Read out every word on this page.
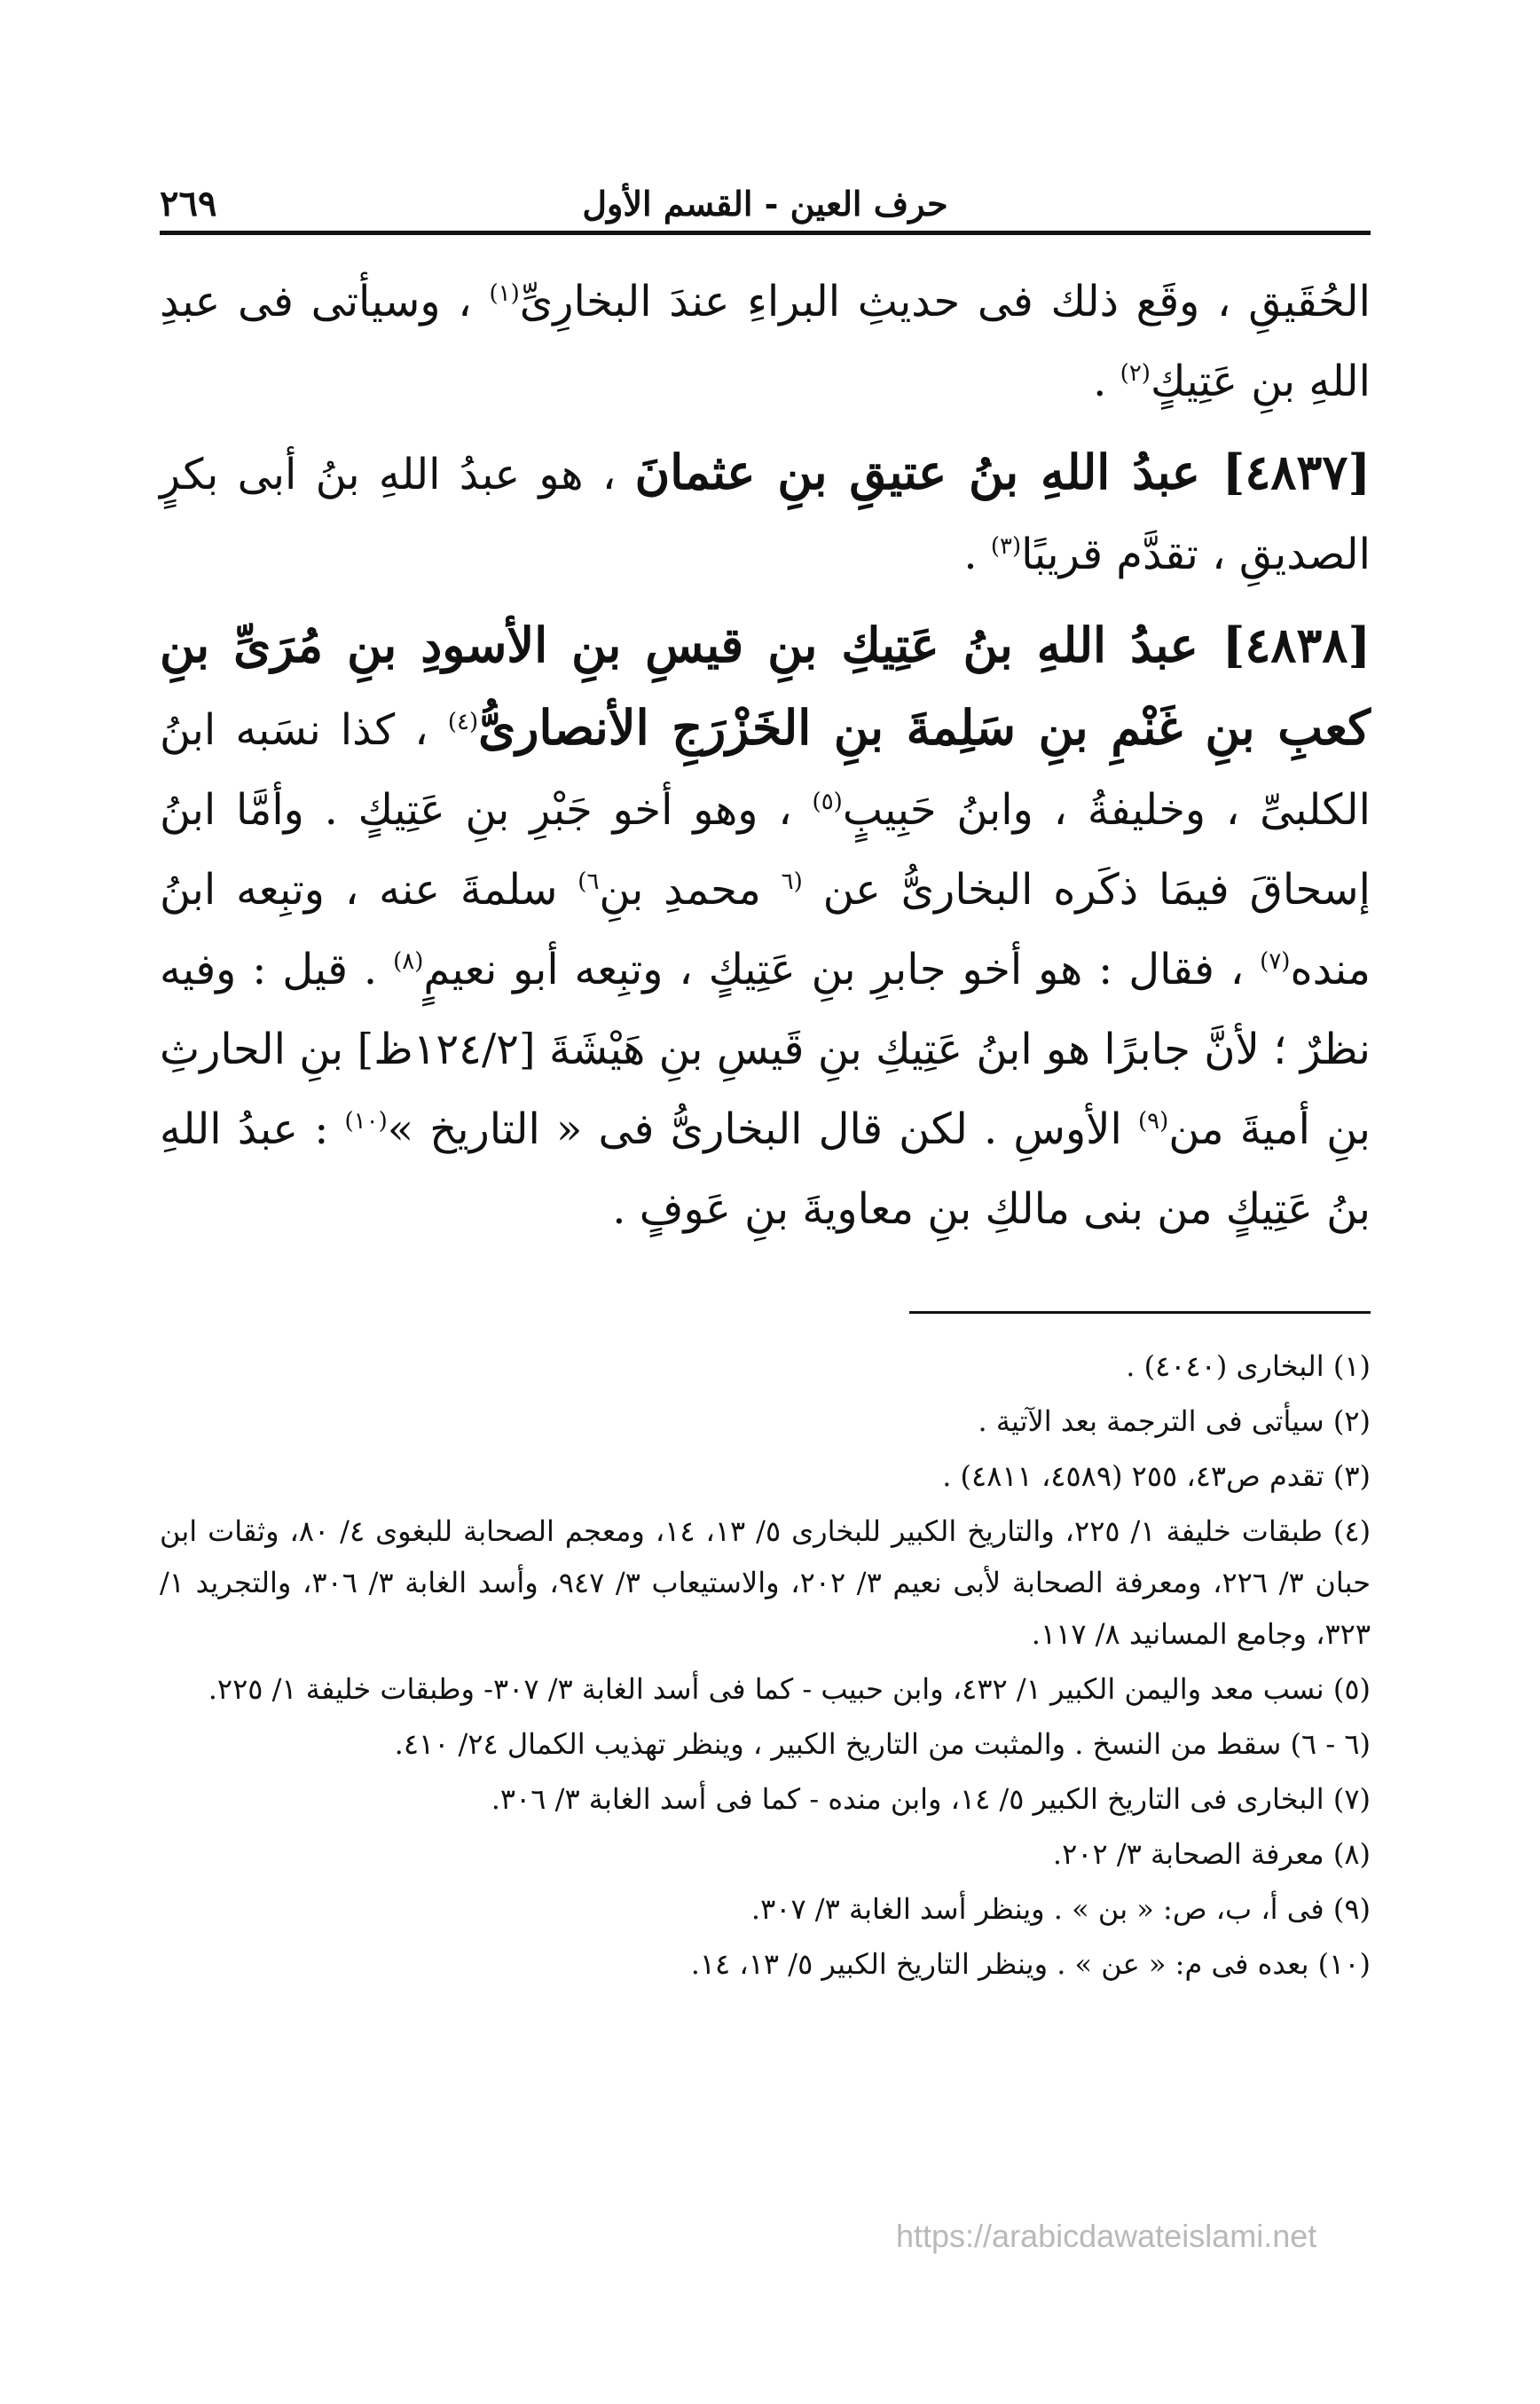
حرف العين - القسم الأول
٢٦٩

الحُقَيقِ ، وقَع ذلك فى حديثِ البراءِ عندَ البخارِىِّ$^{(١)}$ ، وسيأتى فى عبدِ اللهِ بنِ عَتِيكٍ$^{(٢)}$ .

[٤٨٣٧] عبدُ اللهِ بنُ عتيقِ بنِ عثمانَ ، هو عبدُ اللهِ بنُ أبى بكرٍ الصديقِ ، تقدَّم قريبًا$^{(٣)}$ .

[٤٨٣٨] عبدُ اللهِ بنُ عَتِيكِ بنِ قيسِ بنِ الأسودِ بنِ مُرَىِّ بنِ كعبِ بنِ غَنْمِ بنِ سَلِمةَ بنِ الخَزْرَجِ الأنصارىُّ$^{(٤)}$ ، كذا نسَبه ابنُ الكلبىِّ ، وخليفةُ ، وابنُ حَبِيبٍ$^{(٥)}$ ، وهو أخو جَبْرِ بنِ عَتِيكٍ . وأمَّا ابنُ إسحاقَ فيمَا ذكَره البخارىُّ عن $^{(٦}$ محمدِ بنِ$^{٦)}$ سلمةَ عنه ، وتبِعه ابنُ منده$^{(٧)}$ ، فقال : هو أخو جابرِ بنِ عَتِيكٍ ، وتبِعه أبو نعيمٍ$^{(٨)}$ . قيل : وفيه نظرٌ ؛ لأنَّ جابرًا هو ابنُ عَتِيكِ بنِ قَيسِ بنِ هَيْشَةَ [١٢٤/٢ظ] بنِ الحارثِ بنِ أميةَ من$^{(٩)}$ الأوسِ . لكن قال البخارىُّ فى « التاريخ »$^{(١٠)}$ : عبدُ اللهِ بنُ عَتِيكٍ من بنى مالكِ بنِ معاويةَ بنِ عَوفٍ .

(١) البخارى (٤٠٤٠) .
(٢) سيأتى فى الترجمة بعد الآتية .
(٣) تقدم ص٤٣، ٢٥٥ (٤٥٨٩، ٤٨١١) .
(٤) طبقات خليفة ١/ ٢٢٥، والتاريخ الكبير للبخارى ٥/ ١٣، ١٤، ومعجم الصحابة للبغوى ٤/ ٨٠، وثقات ابن حبان ٣/ ٢٢٦، ومعرفة الصحابة لأبى نعيم ٣/ ٢٠٢، والاستيعاب ٣/ ٩٤٧، وأسد الغابة ٣/ ٣٠٦، والتجريد ١/ ٣٢٣، وجامع المسانيد ٨/ ١١٧.
(٥) نسب معد واليمن الكبير ١/ ٤٣٢، وابن حبيب - كما فى أسد الغابة ٣/ ٣٠٧- وطبقات خليفة ١/ ٢٢٥.
(٦ - ٦) سقط من النسخ . والمثبت من التاريخ الكبير ، وينظر تهذيب الكمال ٢٤/ ٤١٠.
(٧) البخارى فى التاريخ الكبير ٥/ ١٤، وابن منده - كما فى أسد الغابة ٣/ ٣٠٦.
(٨) معرفة الصحابة ٣/ ٢٠٢.
(٩) فى أ، ب، ص: « بن » . وينظر أسد الغابة ٣/ ٣٠٧.
(١٠) بعده فى م: « عن » . وينظر التاريخ الكبير ٥/ ١٣، ١٤.
https://arabicdawateislami.net
